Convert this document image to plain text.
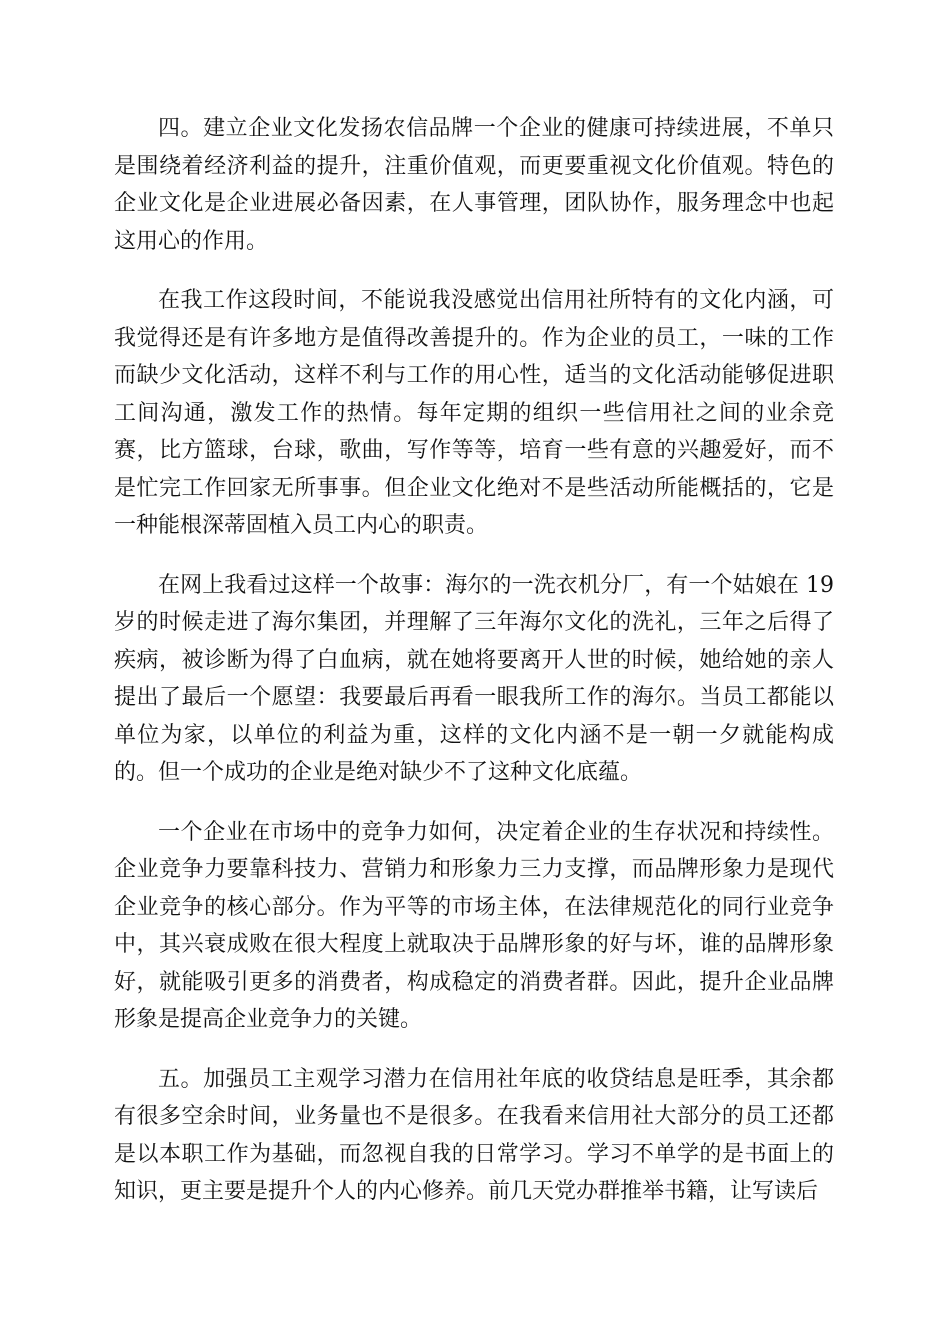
四。建立企业文化发扬农信品牌一个企业的健康可持续进展，不单只是围绕着经济利益的提升，注重价值观，而更要重视文化价值观。特色的企业文化是企业进展必备因素，在人事管理，团队协作，服务理念中也起这用心的作用。

在我工作这段时间，不能说我没感觉出信用社所特有的文化内涵，可我觉得还是有许多地方是值得改善提升的。作为企业的员工，一味的工作而缺少文化活动，这样不利与工作的用心性，适当的文化活动能够促进职工间沟通，激发工作的热情。每年定期的组织一些信用社之间的业余竞赛，比方篮球，台球，歌曲，写作等等，培育一些有意的兴趣爱好，而不是忙完工作回家无所事事。但企业文化绝对不是些活动所能概括的，它是一种能根深蒂固植入员工内心的职责。

在网上我看过这样一个故事：海尔的一洗衣机分厂，有一个姑娘在 19 岁的时候走进了海尔集团，并理解了三年海尔文化的洗礼，三年之后得了疾病，被诊断为得了白血病，就在她将要离开人世的时候，她给她的亲人提出了最后一个愿望：我要最后再看一眼我所工作的海尔。当员工都能以单位为家，以单位的利益为重，这样的文化内涵不是一朝一夕就能构成的。但一个成功的企业是绝对缺少不了这种文化底蕴。

一个企业在市场中的竞争力如何，决定着企业的生存状况和持续性。企业竞争力要靠科技力、营销力和形象力三力支撑，而品牌形象力是现代企业竞争的核心部分。作为平等的市场主体，在法律规范化的同行业竞争中，其兴衰成败在很大程度上就取决于品牌形象的好与坏，谁的品牌形象好，就能吸引更多的消费者，构成稳定的消费者群。因此，提升企业品牌形象是提高企业竞争力的关键。

五。加强员工主观学习潜力在信用社年底的收贷结息是旺季，其余都有很多空余时间，业务量也不是很多。在我看来信用社大部分的员工还都是以本职工作为基础，而忽视自我的日常学习。学习不单学的是书面上的知识，更主要是提升个人的内心修养。前几天党办群推举书籍，让写读后
